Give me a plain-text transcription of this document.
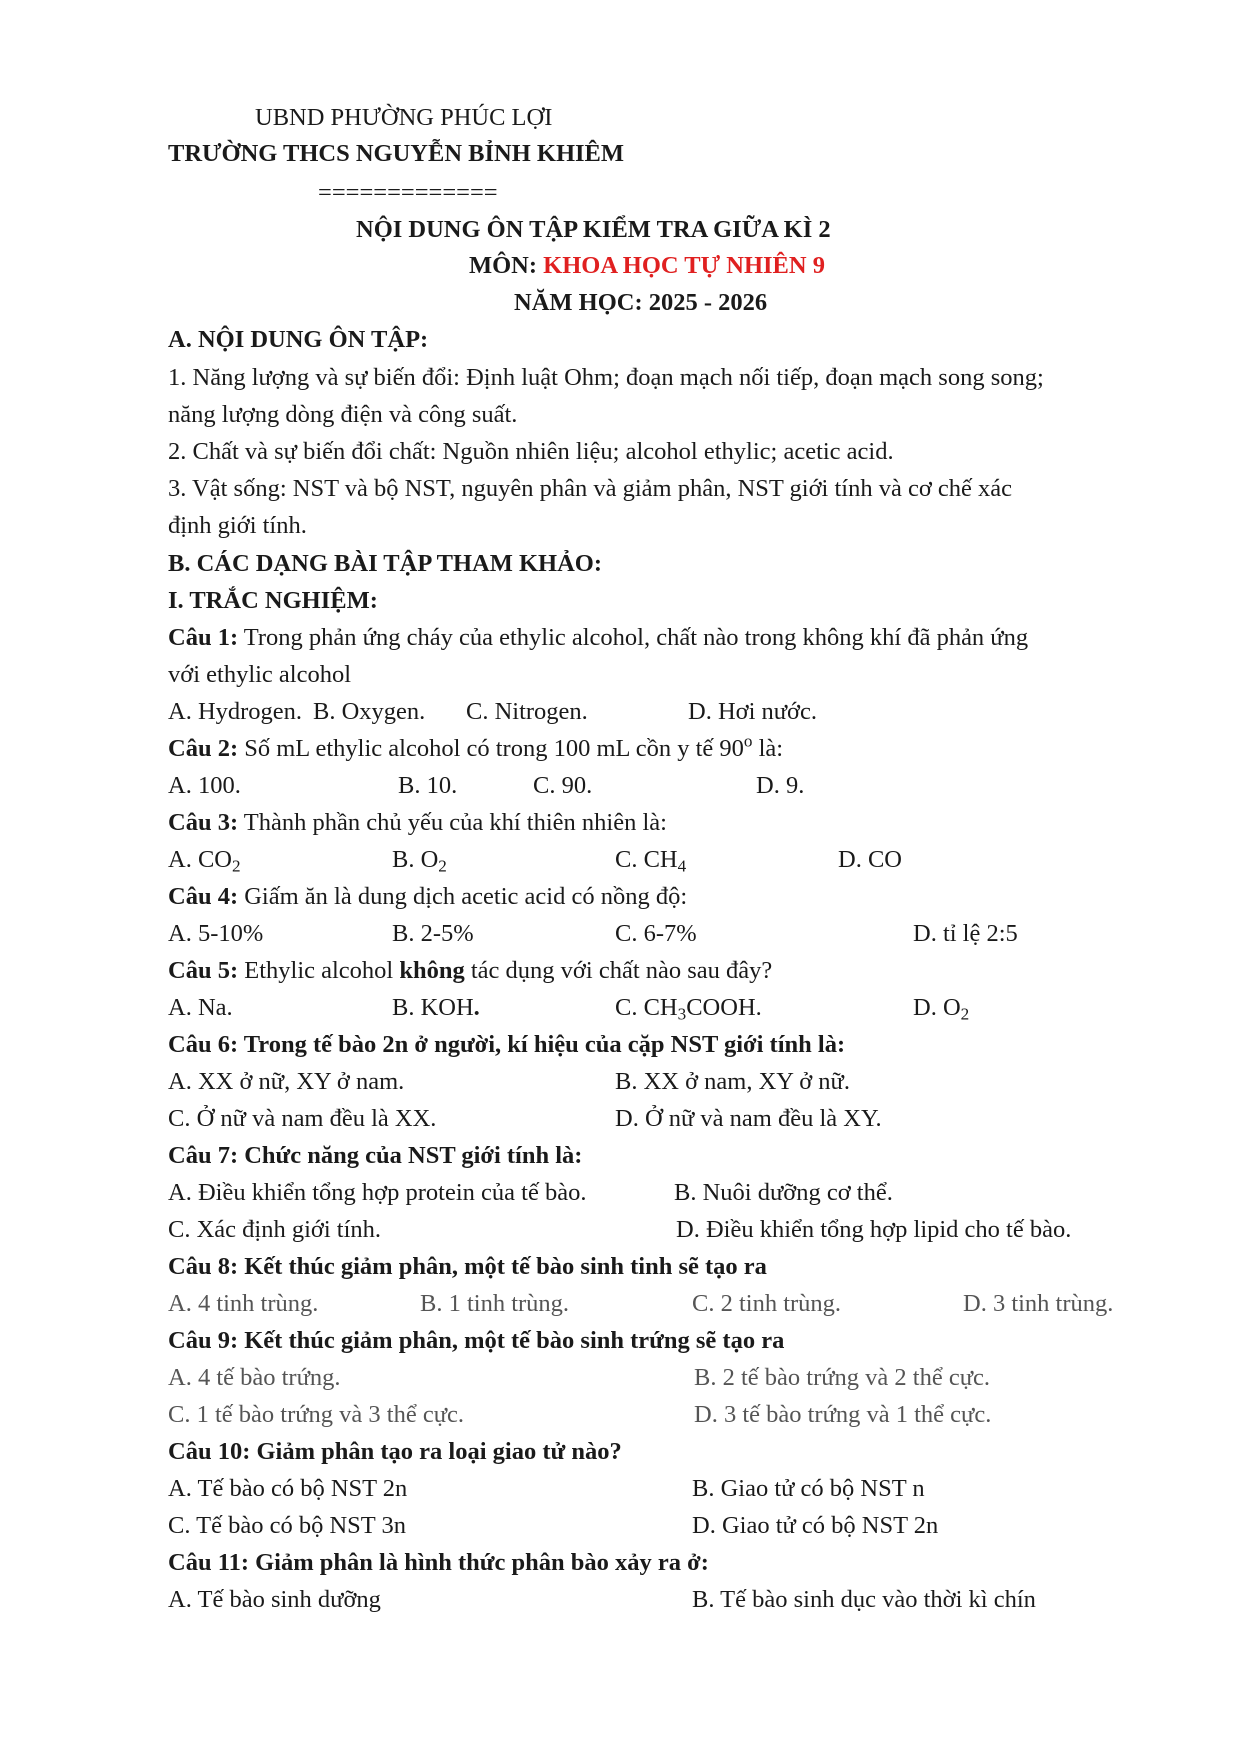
UBND PHƯỜNG PHÚC LỢI
TRƯỜNG THCS NGUYỄN BỈNH KHIÊM
=============
NỘI DUNG ÔN TẬP KIỂM TRA GIỮA KÌ 2
MÔN: KHOA HỌC TỰ NHIÊN 9
NĂM HỌC: 2025 - 2026
A. NỘI DUNG ÔN TẬP:
1. Năng lượng và sự biến đổi: Định luật Ohm; đoạn mạch nối tiếp, đoạn mạch song song;
năng lượng dòng điện và công suất.
2. Chất và sự biến đổi chất: Nguồn nhiên liệu; alcohol ethylic; acetic acid.
3. Vật sống: NST và bộ NST, nguyên phân và giảm phân, NST giới tính và cơ chế xác
định giới tính.
B. CÁC DẠNG BÀI TẬP THAM KHẢO:
I. TRẮC NGHIỆM:
Câu 1: Trong phản ứng cháy của ethylic alcohol, chất nào trong không khí đã phản ứng
với ethylic alcohol
A. Hydrogen. B. Oxygen. C. Nitrogen.	D. Hơi nước.
Câu 2: Số mL ethylic alcohol có trong 100 mL cồn y tế 90$^o$ là:
A. 100.	B. 10.	C. 90.	D. 9.
Câu 3: Thành phần chủ yếu của khí thiên nhiên là:
A. $CO_2$	B. $O_2$	C. $CH_4$	D. CO
Câu 4: Giấm ăn là dung dịch acetic acid có nồng độ:
A. 5-10%	B. 2-5%	C. 6-7%	D. tỉ lệ 2:5
Câu 5: Ethylic alcohol không tác dụng với chất nào sau đây?
A. Na.	B. KOH.	C. $CH_3COOH$.	D. $O_2$
Câu 6: Trong tế bào 2n ở người, kí hiệu của cặp NST giới tính là:
A. XX ở nữ, XY ở nam.	B. XX ở nam, XY ở nữ.
C. Ở nữ và nam đều là XX.	D. Ở nữ và nam đều là XY.
Câu 7: Chức năng của NST giới tính là:
A. Điều khiển tổng hợp protein của tế bào.	B. Nuôi dưỡng cơ thể.
C. Xác định giới tính.	D. Điều khiển tổng hợp lipid cho tế bào.
Câu 8: Kết thúc giảm phân, một tế bào sinh tinh sẽ tạo ra
A. 4 tinh trùng.	B. 1 tinh trùng.	C. 2 tinh trùng.	D. 3 tinh trùng.
Câu 9: Kết thúc giảm phân, một tế bào sinh trứng sẽ tạo ra
A. 4 tế bào trứng.	B. 2 tế bào trứng và 2 thể cực.
C. 1 tế bào trứng và 3 thể cực.	D. 3 tế bào trứng và 1 thể cực.
Câu 10: Giảm phân tạo ra loại giao tử nào?
A. Tế bào có bộ NST 2n	B. Giao tử có bộ NST n
C. Tế bào có bộ NST 3n	D. Giao tử có bộ NST 2n
Câu 11: Giảm phân là hình thức phân bào xảy ra ở:
A. Tế bào sinh dưỡng	B. Tế bào sinh dục vào thời kì chín
